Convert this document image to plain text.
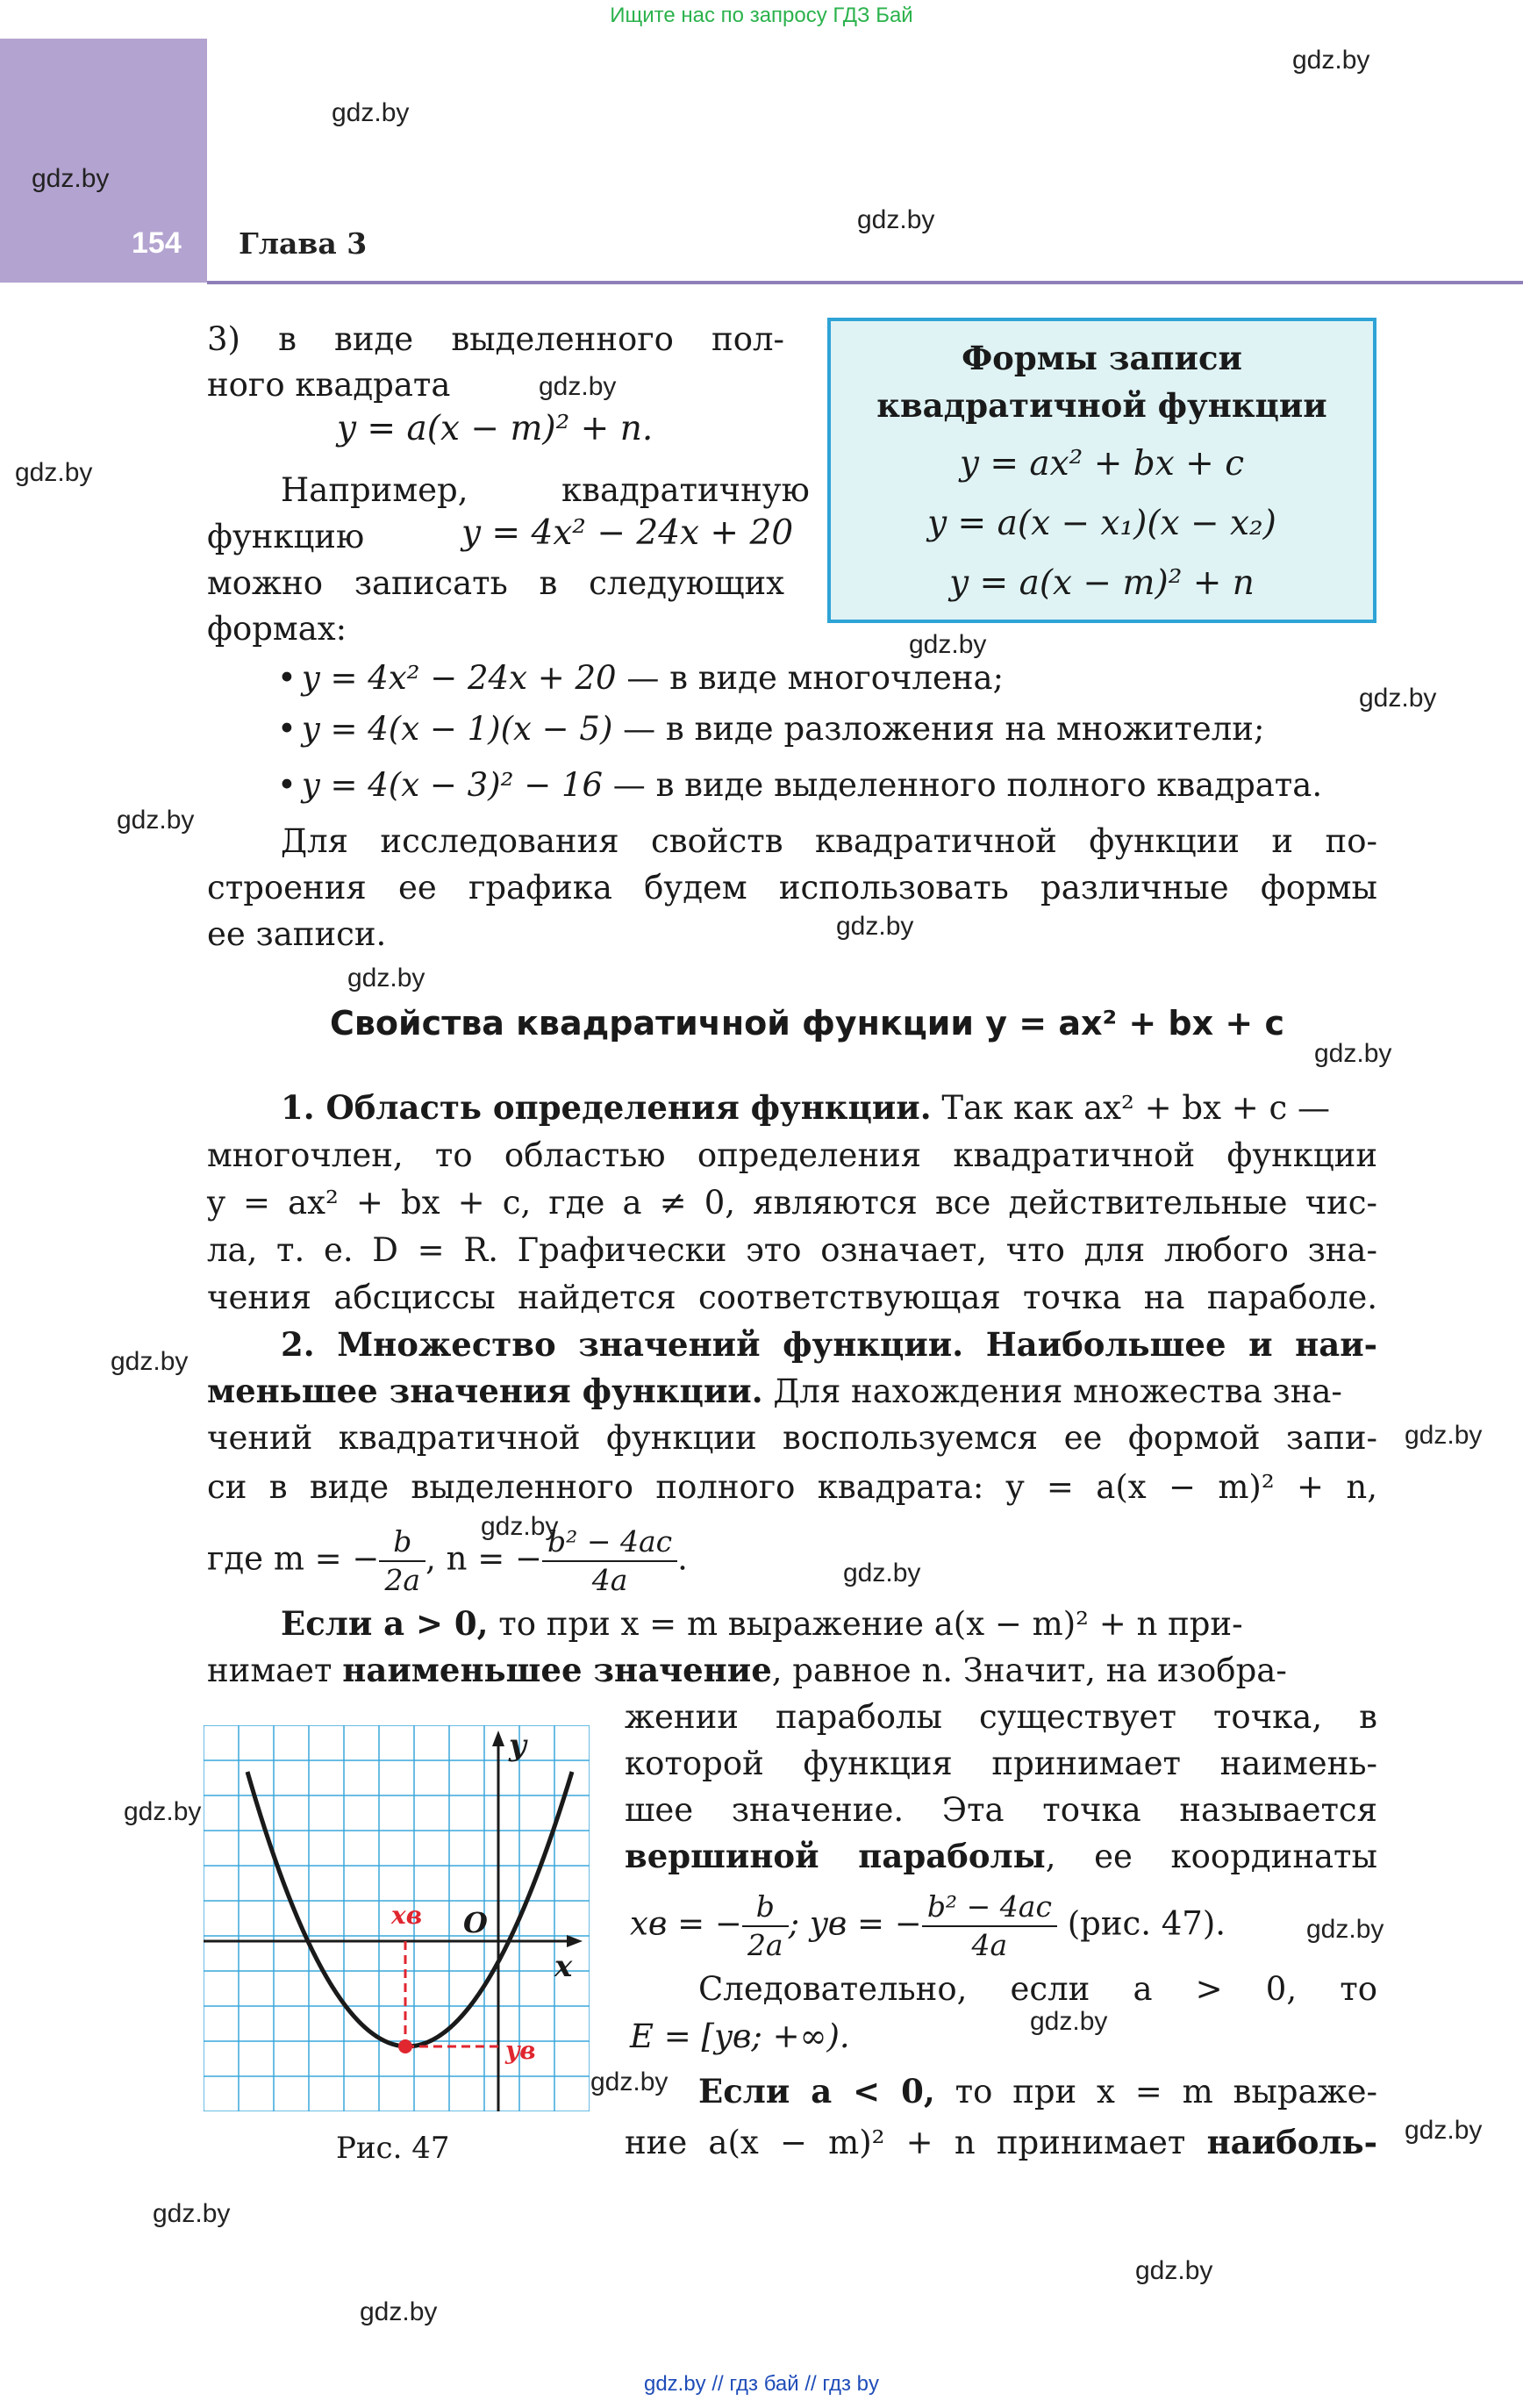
Ищите нас по запросу ГДЗ Бай
154 Глава 3
gdz.by
gdz.by
gdz.by
gdz.by
gdz.by
gdz.by
gdz.by
gdz.by
gdz.by
gdz.by
gdz.by
gdz.by
gdz.by
gdz.by
gdz.by
gdz.by
gdz.by
gdz.by
gdz.by
gdz.by
gdz.by
gdz.by
gdz.by
gdz.by
3) в виде выделенного пол-
ного квадрата
y = a(x − m)² + n.
Например,	квадратичную
функцию	y = 4x² − 24x + 20
можно записать в следующих
формах:
Формы записи
квадратичной функции
y = ax² + bx + c
y = a(x − x₁)(x − x₂)
y = a(x − m)² + n
• y = 4x² − 24x + 20 — в виде многочлена;
• y = 4(x − 1)(x − 5) — в виде разложения на множители;
• y = 4(x − 3)² − 16 — в виде выделенного полного квадрата.
Для исследования свойств квадратичной функции и по-
строения ее графика будем использовать различные формы
ее записи.
Свойства квадратичной функции y = ax² + bx + c
1. Область определения функции. Так как ax² + bx + c —
многочлен, то областью определения квадратичной функции
y = ax² + bx + c, где a ≠ 0, являются все действительные чис-
ла, т. е. D = R. Графически это означает, что для любого зна-
чения абсциссы найдется соответствующая точка на параболе.
2. Множество значений функции. Наибольшее и наи-
меньшее значения функции. Для нахождения множества зна-
чений квадратичной функции воспользуемся ее формой запи-
си в виде выделенного полного квадрата: y = a(x − m)² + n,
где m = − $\frac{b}{2a}$ , n = − $\frac{\text{b² − 4ac}}{4a}$ .
Если a > 0, то при x = m выражение a(x − m)² + n при-
нимает наименьшее значение, равное n. Значит, на изобра-
жении параболы существует точка, в
которой функция принимает наимень-
шее значение. Эта точка называется
вершиной параболы, ее координаты
xв = − $\frac{b}{2a}$ ; yв = − $\frac{\text{b² − 4ac}}{4a} (рис$. 47).
Следовательно, если a > 0, то
E = [yв; +∞).
Если a < 0, то при x = m выраже-
ние a(x − m)² + n принимает наиболь-
y
x
O
xв
yв
Рис. 47
gdz.by // гдз бай // гдз by
